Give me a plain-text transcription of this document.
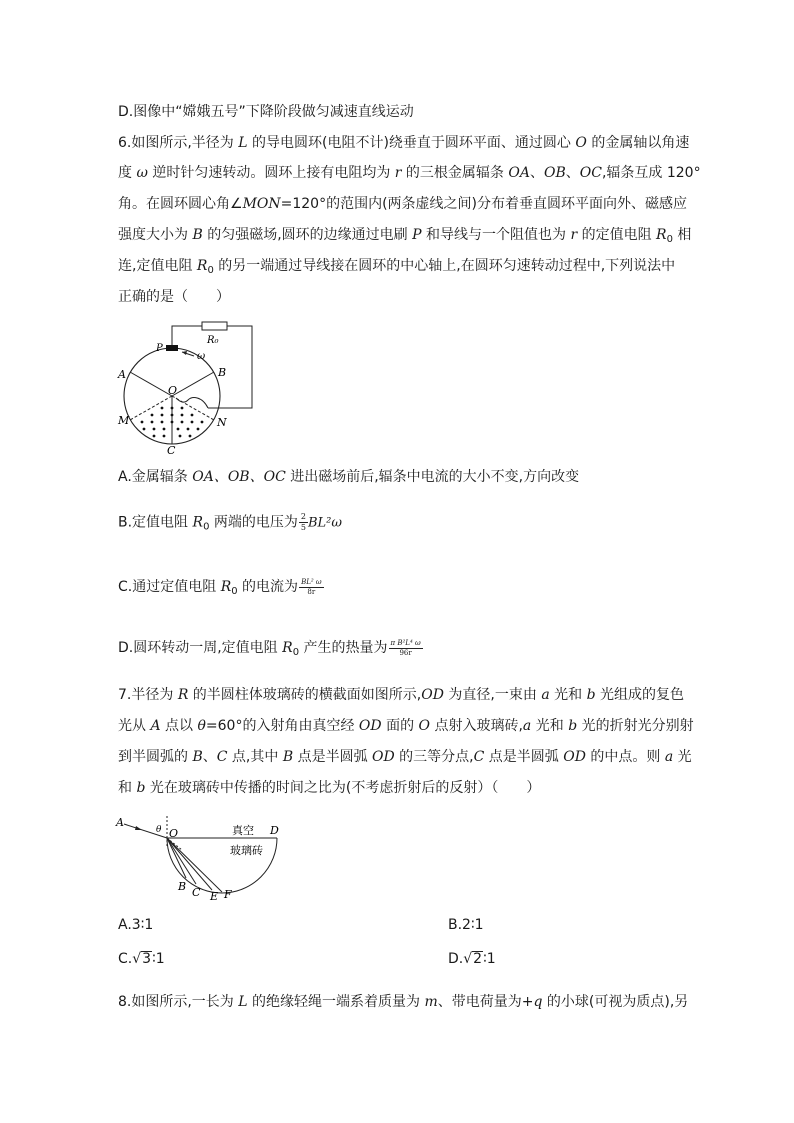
D.图像中“嫦娥五号”下降阶段做匀减速直线运动
6.如图所示,半径为 L 的导电圆环(电阻不计)绕垂直于圆环平面、通过圆心 O 的金属轴以角速
度 ω 逆时针匀速转动。圆环上接有电阻均为 r 的三根金属辐条 OA、OB、OC,辐条互成 120°
角。在圆环圆心角∠MON=120°的范围内(两条虚线之间)分布着垂直圆环平面向外、磁感应
强度大小为 B 的匀强磁场,圆环的边缘通过电刷 P 和导线与一个阻值也为 r 的定值电阻 $R_0$ 相
连,定值电阻 $R_0$ 的另一端通过导线接在圆环的中心轴上,在圆环匀速转动过程中,下列说法中
正确的是（　　）
R₀
P
ω
A	B
O
M	N
C
A.金属辐条 OA、OB、OC 进出磁场前后,辐条中电流的大小不变,方向改变
B.定值电阻 $R_0$ 两端的电压为 $\frac{2}{5} BL^2\omega$
C.通过定值电阻 $R_0$ 的电流为 $\frac{\text{BL² ω}}{8r}$
D.圆环转动一周,定值电阻 $R_0$ 产生的热量为 $\frac{\text{π B²L⁴ ω}}{96r}$
7.半径为 R 的半圆柱体玻璃砖的横截面如图所示,OD 为直径,一束由 a 光和 b 光组成的复色
光从 A 点以 θ=60°的入射角由真空经 OD 面的 O 点射入玻璃砖,a 光和 b 光的折射光分别射
到半圆弧的 B、C 点,其中 B 点是半圆弧 OD 的三等分点,C 点是半圆弧 OD 的中点。则 a 光
和 b 光在玻璃砖中传播的时间之比为(不考虑折射后的反射）（　　）
A
θ O	真空 D
玻璃砖
B C E F
A.3∶1	B.2∶1
C.√3∶1	D.√2∶1
8.如图所示,一长为 L 的绝缘轻绳一端系着质量为 m、带电荷量为+q 的小球(可视为质点),另
